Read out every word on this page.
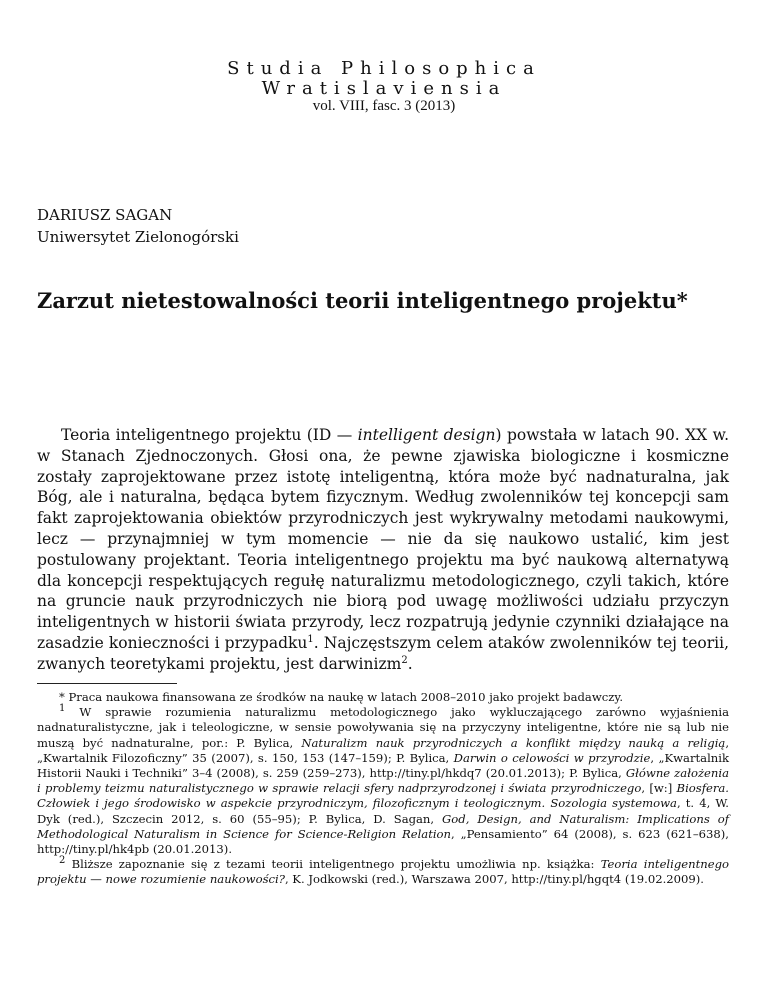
Studia Philosophica
Wratislaviensia
vol. VIII, fasc. 3 (2013)
DARIUSZ SAGAN
Uniwersytet Zielonogórski
Zarzut nietestowalności teorii inteligentnego projektu*

Teoria inteligentnego projektu (ID — intelligent design) powstała w latach 90. XX w. w Stanach Zjednoczonych. Głosi ona, że pewne zjawiska biologiczne i kosmiczne zostały zaprojektowane przez istotę inteligentną, która może być nadnaturalna, jak Bóg, ale i naturalna, będąca bytem fizycznym. Według zwolenników tej koncepcji sam fakt zaprojektowania obiektów przyrodniczych jest wykrywalny metodami naukowymi, lecz — przynajmniej w tym momencie — nie da się naukowo ustalić, kim jest postulowany projektant. Teoria inteligentnego projektu ma być naukową alternatywą dla koncepcji respektujących regułę naturalizmu metodologicznego, czyli takich, które na gruncie nauk przyrodniczych nie biorą pod uwagę możliwości udziału przyczyn inteligentnych w historii świata przyrody, lecz rozpatrują jedynie czynniki działające na zasadzie konieczności i przypadku$^1$. Najczęstszym celem ataków zwolenników tej teorii, zwanych teoretykami projektu, jest darwinizm$^2$.

* Praca naukowa finansowana ze środków na naukę w latach 2008–2010 jako projekt badawczy.

$^1$ W sprawie rozumienia naturalizmu metodologicznego jako wykluczającego zarówno wyjaśnienia nadnaturalistyczne, jak i teleologiczne, w sensie powoływania się na przyczyny inteligentne, które nie są lub nie muszą być nadnaturalne, por.: P. Bylica, Naturalizm nauk przyrodniczych a konflikt między nauką a religią, „Kwartalnik Filozoficzny” 35 (2007), s. 150, 153 (147–159); P. Bylica, Darwin o celowości w przyrodzie, „Kwartalnik Historii Nauki i Techniki” 3–4 (2008), s. 259 (259–273), http://tiny.pl/hkdq7 (20.01.2013); P. Bylica, Główne założenia i problemy teizmu naturalistycznego w sprawie relacji sfery nadprzyrodzonej i świata przyrodniczego, [w:] Biosfera. Człowiek i jego środowisko w aspekcie przyrodniczym, filozoficznym i teologicznym. Sozologia systemowa, t. 4, W. Dyk (red.), Szczecin 2012, s. 60 (55–95); P. Bylica, D. Sagan, God, Design, and Naturalism: Implications of Methodological Naturalism in Science for Science-Religion Relation, „Pensamiento” 64 (2008), s. 623 (621–638), http://tiny.pl/hk4pb (20.01.2013).

$^2$ Bliższe zapoznanie się z tezami teorii inteligentnego projektu umożliwia np. książka: Teoria inteligentnego projektu — nowe rozumienie naukowości?, K. Jodkowski (red.), Warszawa 2007, http://tiny.pl/hgqt4 (19.02.2009).
